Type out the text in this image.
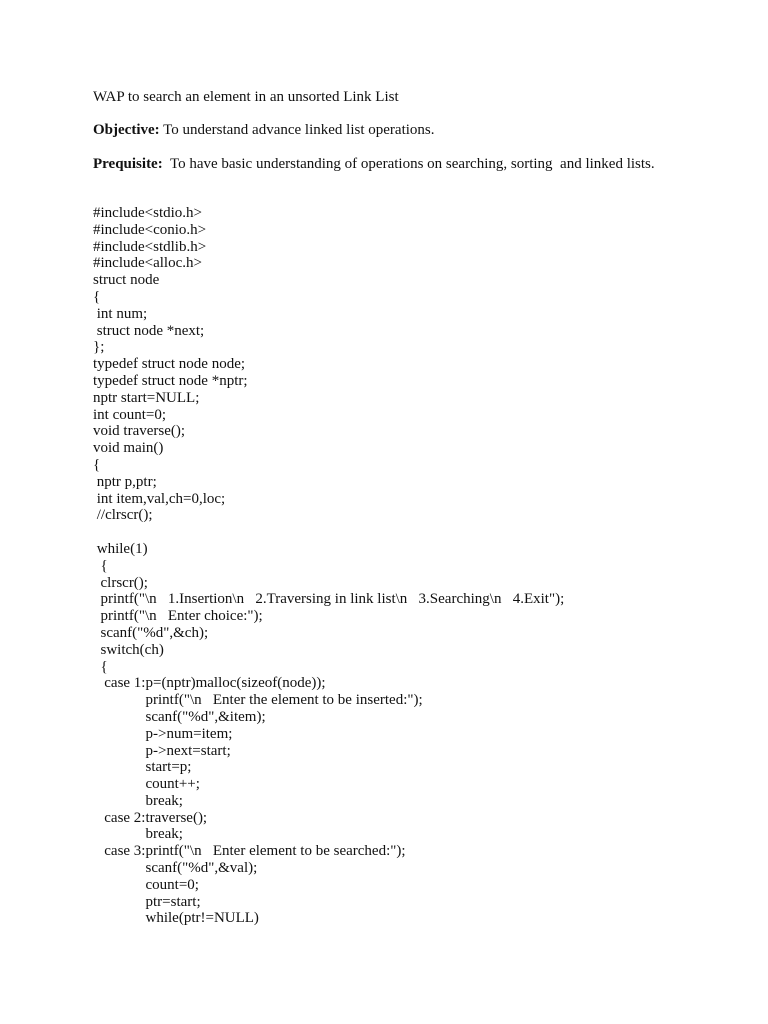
WAP to search an element in an unsorted Link List
Objective: To understand advance linked list operations.
Prequisite:  To have basic understanding of operations on searching, sorting  and linked lists.
#include<stdio.h>
#include<conio.h>
#include<stdlib.h>
#include<alloc.h>
struct node
{
int num;
struct node *next;
};
typedef struct node node;
typedef struct node *nptr;
nptr start=NULL;
int count=0;
void traverse();
void main()
{
nptr p,ptr;
int item,val,ch=0,loc;
//clrscr();
while(1)
{
clrscr();
printf("\n   1.Insertion\n   2.Traversing in link list\n   3.Searching\n   4.Exit");
printf("\n   Enter choice:");
scanf("%d",&ch);
switch(ch)
{
case 1:p=(nptr)malloc(sizeof(node));
printf("\n   Enter the element to be inserted:");
scanf("%d",&item);
p->num=item;
p->next=start;
start=p;
count++;
break;
case 2:traverse();
break;
case 3:printf("\n   Enter element to be searched:");
scanf("%d",&val);
count=0;
ptr=start;
while(ptr!=NULL)
